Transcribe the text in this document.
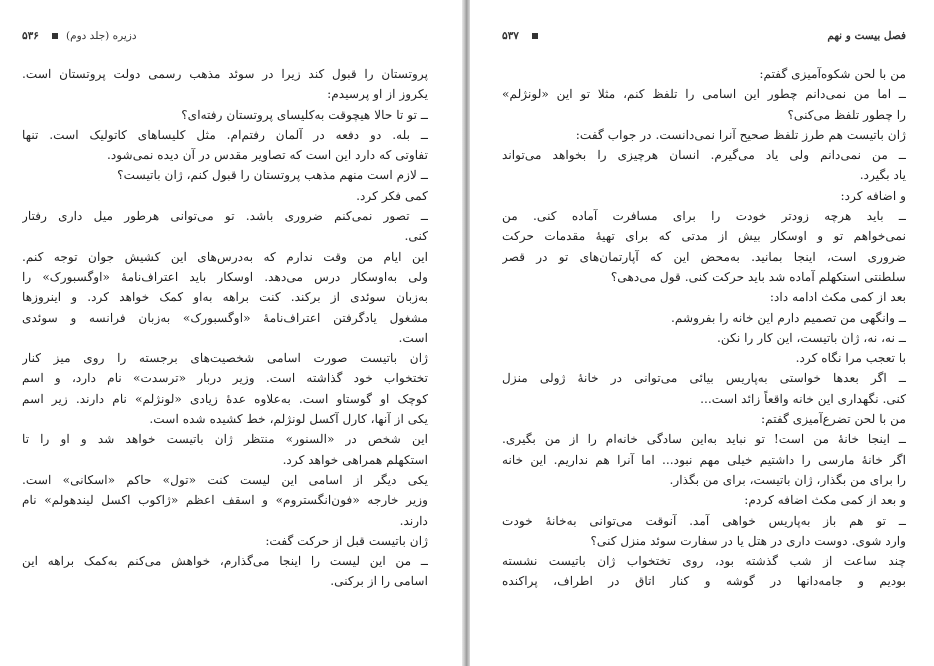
۵۳۶	دزیره (جلد دوم)
پروتستان را قبول کند زیرا در سوئد مذهب رسمی دولت پروتستان است.
یکروز از او پرسیدم:
ــ تو تا حالا هیچوقت به‌کلیسای پروتستان رفته‌ای؟
ــ بله. دو دفعه در آلمان رفتم‌ام. مثل کلیساهای کاتولیک است. تنها
تفاوتی که دارد این است که تصاویر مقدس در آن دیده نمی‌شود.
ــ لازم است منهم مذهب پروتستان را قبول کنم، ژان باتیست؟
کمی فکر کرد.
ــ تصور نمی‌کنم ضروری باشد. تو می‌توانی هرطور میل داری رفتار
کنی.
این ایام من وقت ندارم که به‌درس‌های این کشیش جوان توجه کنم.
ولی به‌اوسکار درس می‌دهد. اوسکار باید اعتراف‌نامهٔ «اوگسبورک» را
به‌زبان سوئدی از برکند. کنت براهه به‌او کمک خواهد کرد. و اینروزها
مشغول یادگرفتن اعتراف‌نامهٔ «اوگسبورک» به‌زبان فرانسه و سوئدی
است.
ژان باتیست صورت اسامی شخصیت‌های برجسته را روی میز کنار
تختخواب خود گذاشته است. وزیر دربار «ترسدت» نام دارد، و اسم
کوچک او گوستاو است. به‌علاوه عدهٔ زیادی «لونژلم» نام دارند. زیر اسم
یکی از آنها، کارل آکسل لونژلم، خط کشیده شده است.
این شخص در «السنور» منتظر ژان باتیست خواهد شد و او را تا
استکهلم همراهی خواهد کرد.
یکی دیگر از اسامی این لیست کنت «تول» حاکم «اسکانی» است.
وزیر خارجه «فون‌انگستروم» و اسقف اعظم «ژاکوب اکسل لیندهولم» نام
دارند.
ژان باتیست قبل از حرکت گفت:
ــ من این لیست را اینجا می‌گذارم، خواهش می‌کنم به‌کمک براهه این
اسامی را از برکنی.
۵۳۷	فصل بیست و نهم
من با لحن شکوه‌آمیزی گفتم:
ــ اما من نمی‌دانم چطور این اسامی را تلفظ کنم، مثلا تو این «لونژلم»
را چطور تلفظ می‌کنی؟
ژان باتیست هم طرز تلفظ صحیح آنرا نمی‌دانست. در جواب گفت:
ــ من نمی‌دانم ولی یاد می‌گیرم. انسان هرچیزی را بخواهد می‌تواند
یاد بگیرد.
و اضافه کرد:
ــ باید هرچه زودتر خودت را برای مسافرت آماده کنی. من
نمی‌خواهم تو و اوسکار بیش از مدتی که برای تهیهٔ مقدمات حرکت
ضروری است، اینجا بمانید. به‌محض این که آپارتمان‌های تو در قصر
سلطنتی استکهلم آماده شد باید حرکت کنی. قول می‌دهی؟
بعد از کمی مکث ادامه داد:
ــ وانگهی من تصمیم دارم این خانه را بفروشم.
ــ نه، نه، ژان باتیست، این کار را نکن.
با تعجب مرا نگاه کرد.
ــ اگر بعدها خواستی به‌پاریس بیائی می‌توانی در خانهٔ ژولی منزل
کنی. نگهداری این خانه واقعاً زائد است...
من با لحن تضرع‌آمیزی گفتم:
ــ اینجا خانهٔ من است! تو نباید به‌این سادگی خانه‌ام را از من بگیری.
اگر خانهٔ مارسی را داشتیم خیلی مهم نبود... اما آنرا هم نداریم. این خانه
را برای من بگذار، ژان باتیست، برای من بگذار.
و بعد از کمی مکث اضافه کردم:
ــ تو هم باز به‌پاریس خواهی آمد. آنوقت می‌توانی به‌خانهٔ خودت
وارد شوی. دوست داری در هتل یا در سفارت سوئد منزل کنی؟
چند ساعت از شب گذشته بود، روی تختخواب ژان باتیست نشسته
بودیم و جامه‌دانها در گوشه و کنار اتاق در اطراف، پراکنده
